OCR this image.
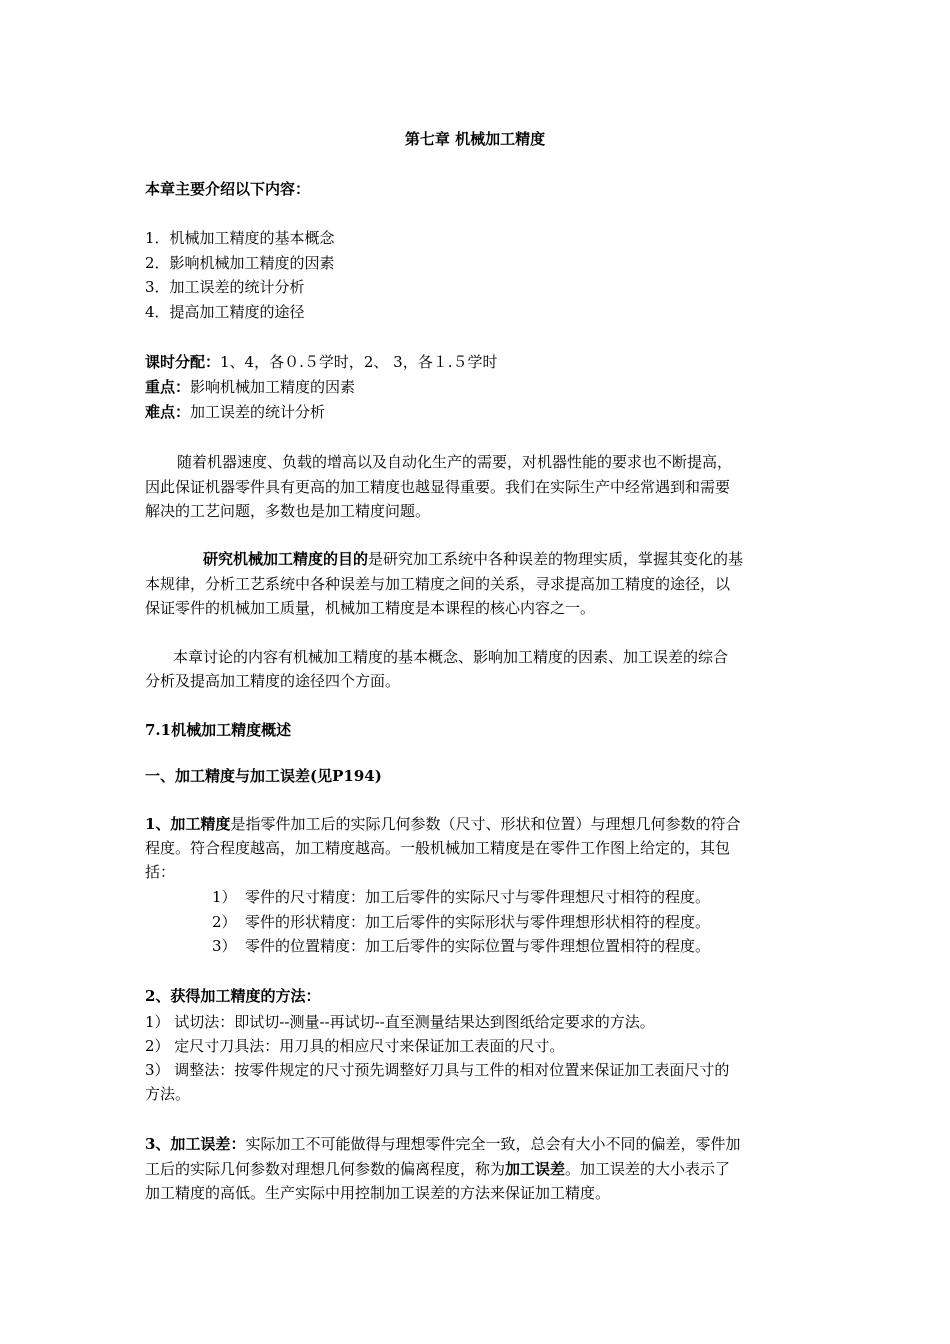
第七章 机械加工精度
本章主要介绍以下内容：
1．机械加工精度的基本概念
2．影响机械加工精度的因素
3．加工误差的统计分析
4．提高加工精度的途径
课时分配：1、4，各０.５学时，2、 3，各１.５学时
重点：影响机械加工精度的因素
难点：加工误差的统计分析
随着机器速度、负载的增高以及自动化生产的需要，对机器性能的要求也不断提高，
因此保证机器零件具有更高的加工精度也越显得重要。我们在实际生产中经常遇到和需要
解决的工艺问题，多数也是加工精度问题。
研究机械加工精度的目的是研究加工系统中各种误差的物理实质，掌握其变化的基
本规律，分析工艺系统中各种误差与加工精度之间的关系，寻求提高加工精度的途径，以
保证零件的机械加工质量，机械加工精度是本课程的核心内容之一。
本章讨论的内容有机械加工精度的基本概念、影响加工精度的因素、加工误差的综合
分析及提高加工精度的途径四个方面。
7.1机械加工精度概述
一、加工精度与加工误差(见P194)
1、加工精度是指零件加工后的实际几何参数（尺寸、形状和位置）与理想几何参数的符合
程度。符合程度越高，加工精度越高。一般机械加工精度是在零件工作图上给定的，其包
括：
1） 零件的尺寸精度：加工后零件的实际尺寸与零件理想尺寸相符的程度。
2） 零件的形状精度：加工后零件的实际形状与零件理想形状相符的程度。
3） 零件的位置精度：加工后零件的实际位置与零件理想位置相符的程度。
2、获得加工精度的方法：
1） 试切法：即试切--测量--再试切--直至测量结果达到图纸给定要求的方法。
2） 定尺寸刀具法：用刀具的相应尺寸来保证加工表面的尺寸。
3） 调整法：按零件规定的尺寸预先调整好刀具与工件的相对位置来保证加工表面尺寸的
方法。
3、加工误差：实际加工不可能做得与理想零件完全一致，总会有大小不同的偏差，零件加
工后的实际几何参数对理想几何参数的偏离程度，称为加工误差。加工误差的大小表示了
加工精度的高低。生产实际中用控制加工误差的方法来保证加工精度。
